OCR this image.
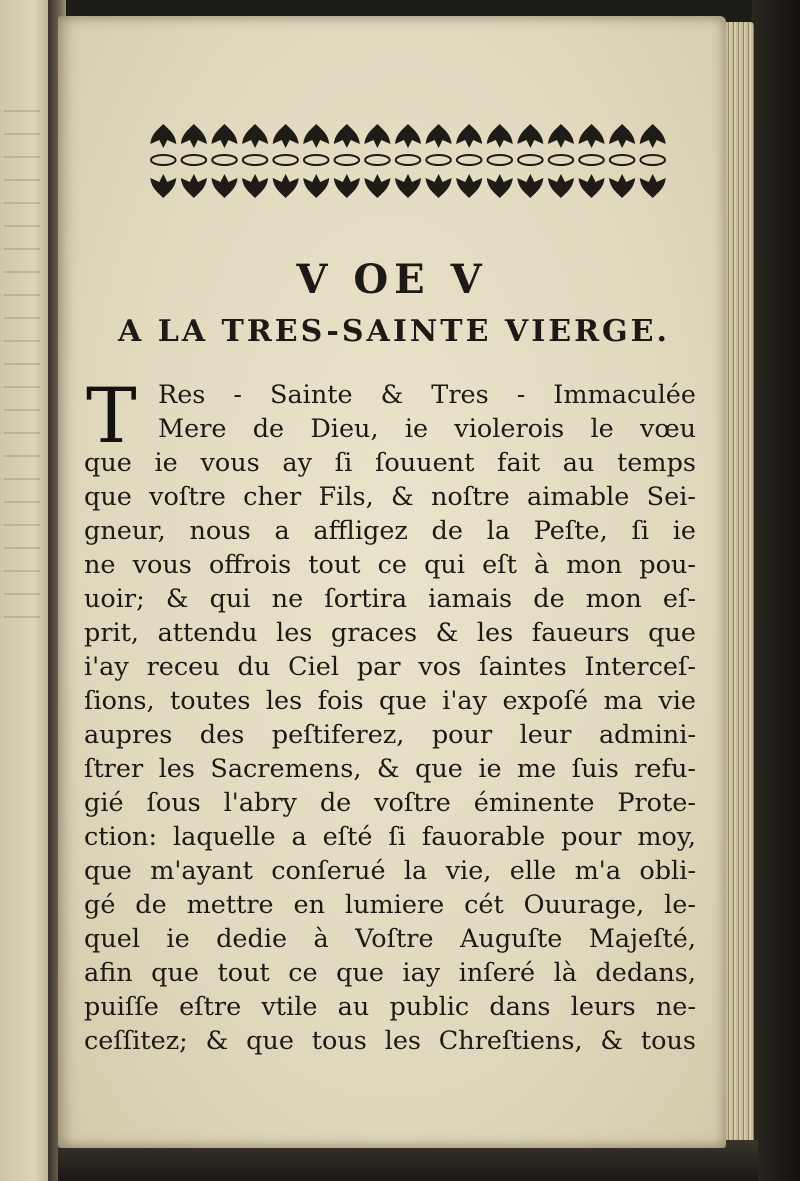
V OE V
A LA TRES-SAINTE VIERGE.
T Res - Sainte & Tres - Immaculée
Mere de Dieu, ie violerois le vœu
que ie vous ay ſi ſouuent fait au temps
que voſtre cher Fils, & noſtre aimable Sei-
gneur, nous a affligez de la Peſte, ſi ie
ne vous offrois tout ce qui eſt à mon pou-
uoir; & qui ne ſortira iamais de mon eſ-
prit, attendu les graces & les faueurs que
i'ay receu du Ciel par vos ſaintes Interceſ-
ſions, toutes les fois que i'ay expoſé ma vie
aupres des peſtiferez, pour leur admini-
ſtrer les Sacremens, & que ie me ſuis refu-
gié ſous l'abry de voſtre éminente Prote-
ction: laquelle a eſté ſi fauorable pour moy,
que m'ayant conſerué la vie, elle m'a obli-
gé de mettre en lumiere cét Ouurage, le-
quel ie dedie à Voſtre Auguſte Majeſté,
afin que tout ce que iay inſeré là dedans,
puiſſe eſtre vtile au public dans leurs ne-
ceſſitez; & que tous les Chreſtiens, & tous
